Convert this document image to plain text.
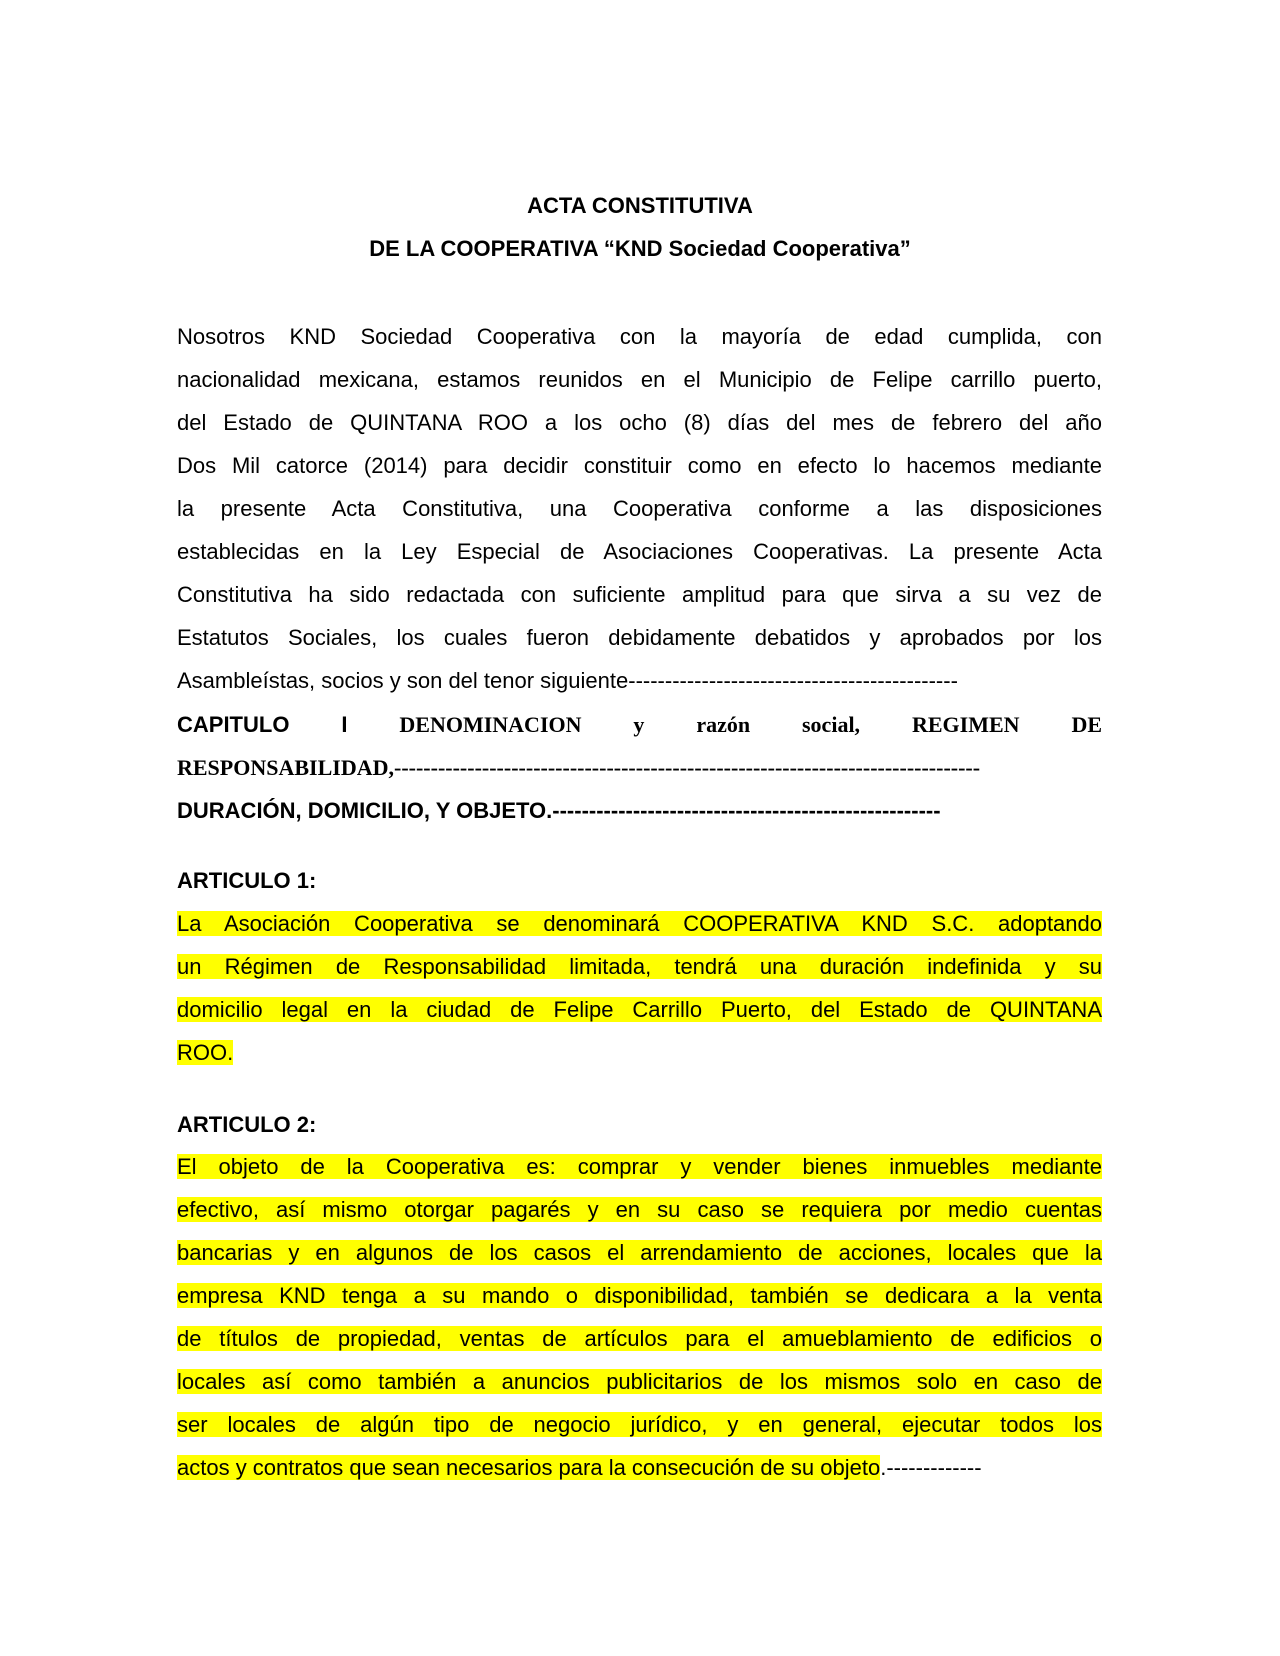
ACTA CONSTITUTIVA
DE LA COOPERATIVA “KND Sociedad Cooperativa”
Nosotros KND Sociedad Cooperativa con la mayoría de edad cumplida, con
nacionalidad mexicana, estamos reunidos en el Municipio de Felipe carrillo puerto,
del Estado de QUINTANA ROO a los ocho (8) días del mes de febrero del año
Dos Mil catorce (2014) para decidir constituir como en efecto lo hacemos mediante
la presente Acta Constitutiva, una Cooperativa conforme a las disposiciones
establecidas en la Ley Especial de Asociaciones Cooperativas. La presente Acta
Constitutiva ha sido redactada con suficiente amplitud para que sirva a su vez de
Estatutos Sociales, los cuales fueron debidamente debatidos y aprobados por los
Asambleístas, socios y son del tenor siguiente---------------------------------------------
CAPITULO I DENOMINACION y razón social, REGIMEN DE
RESPONSABILIDAD,--------------------------------------------------------------------------------
DURACIÓN, DOMICILIO, Y OBJETO.-----------------------------------------------------
ARTICULO 1:
La Asociación Cooperativa se denominará COOPERATIVA KND S.C. adoptando
un Régimen de Responsabilidad limitada, tendrá una duración indefinida y su
domicilio legal en la ciudad de Felipe Carrillo Puerto, del Estado de QUINTANA
ROO.
ARTICULO 2:
El objeto de la Cooperativa es: comprar y vender bienes inmuebles mediante
efectivo, así mismo otorgar pagarés y en su caso se requiera por medio cuentas
bancarias y en algunos de los casos el arrendamiento de acciones, locales que la
empresa KND tenga a su mando o disponibilidad, también se dedicara a la venta
de títulos de propiedad, ventas de artículos para el amueblamiento de edificios o
locales así como también a anuncios publicitarios de los mismos solo en caso de
ser locales de algún tipo de negocio jurídico, y en general, ejecutar todos los
actos y contratos que sean necesarios para la consecución de su objeto.-------------
